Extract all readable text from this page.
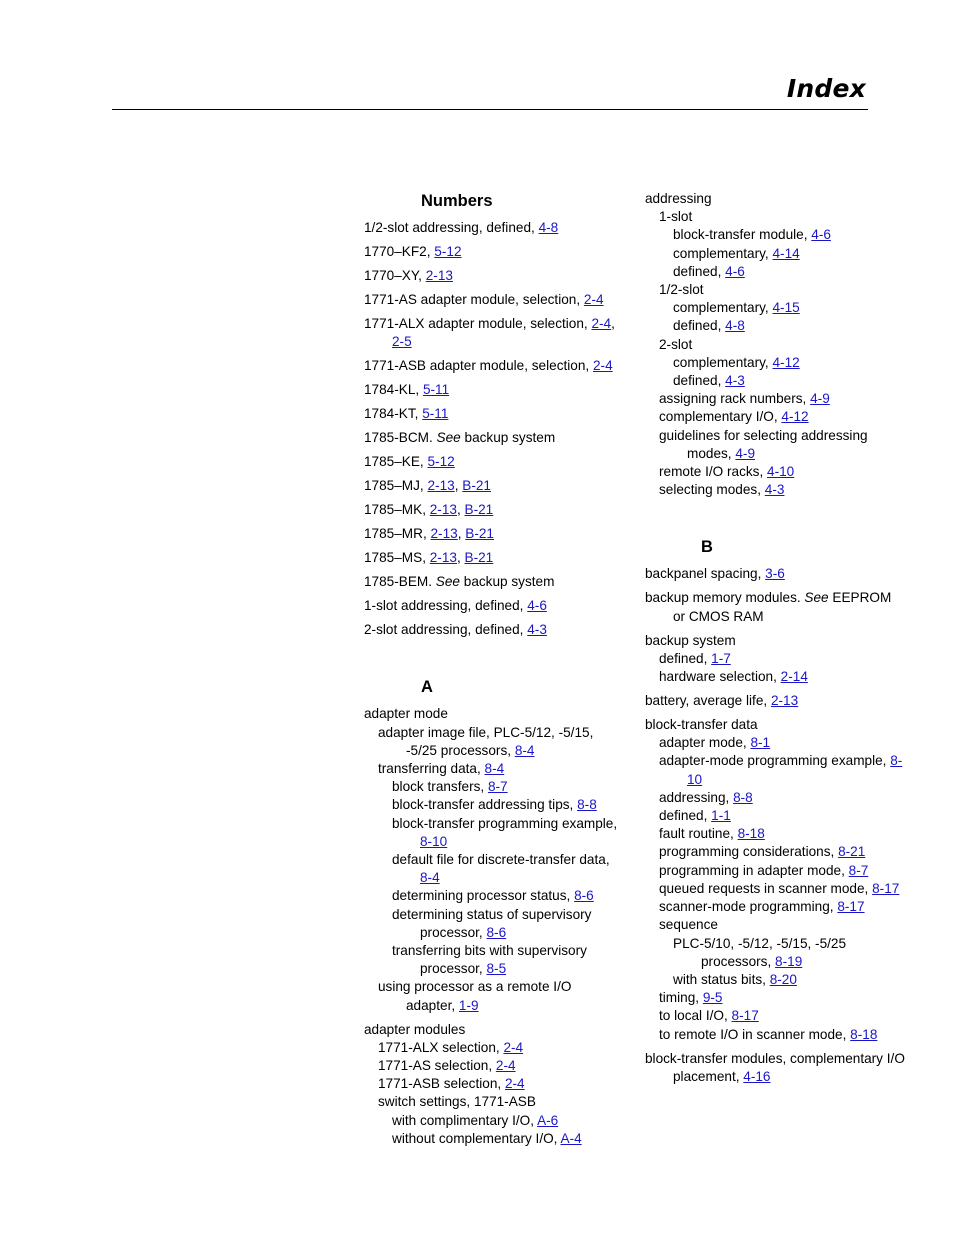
Index
Numbers
1/2-slot addressing, defined, 4-8
1770–KF2, 5-12
1770–XY, 2-13
1771-AS adapter module, selection, 2-4
1771-ALX adapter module, selection, 2-4, 2-5
1771-ASB adapter module, selection, 2-4
1784-KL, 5-11
1784-KT, 5-11
1785-BCM. See backup system
1785–KE, 5-12
1785–MJ, 2-13, B-21
1785–MK, 2-13, B-21
1785–MR, 2-13, B-21
1785–MS, 2-13, B-21
1785-BEM. See backup system
1-slot addressing, defined, 4-6
2-slot addressing, defined, 4-3
A
adapter mode
adapter image file, PLC-5/12, -5/15, -5/25 processors, 8-4
transferring data, 8-4
block transfers, 8-7
block-transfer addressing tips, 8-8
block-transfer programming example, 8-10
default file for discrete-transfer data, 8-4
determining processor status, 8-6
determining status of supervisory processor, 8-6
transferring bits with supervisory processor, 8-5
using processor as a remote I/O adapter, 1-9
adapter modules
1771-ALX selection, 2-4
1771-AS selection, 2-4
1771-ASB selection, 2-4
switch settings, 1771-ASB
with complimentary I/O, A-6
without complementary I/O, A-4
addressing
1-slot
block-transfer module, 4-6
complementary, 4-14
defined, 4-6
1/2-slot
complementary, 4-15
defined, 4-8
2-slot
complementary, 4-12
defined, 4-3
assigning rack numbers, 4-9
complementary I/O, 4-12
guidelines for selecting addressing modes, 4-9
remote I/O racks, 4-10
selecting modes, 4-3
B
backpanel spacing, 3-6
backup memory modules. See EEPROM or CMOS RAM
backup system
defined, 1-7
hardware selection, 2-14
battery, average life, 2-13
block-transfer data
adapter mode, 8-1
adapter-mode programming example, 8-10
addressing, 8-8
defined, 1-1
fault routine, 8-18
programming considerations, 8-21
programming in adapter mode, 8-7
queued requests in scanner mode, 8-17
scanner-mode programming, 8-17
sequence
PLC-5/10, -5/12, -5/15, -5/25 processors, 8-19
with status bits, 8-20
timing, 9-5
to local I/O, 8-17
to remote I/O in scanner mode, 8-18
block-transfer modules, complementary I/O placement, 4-16
